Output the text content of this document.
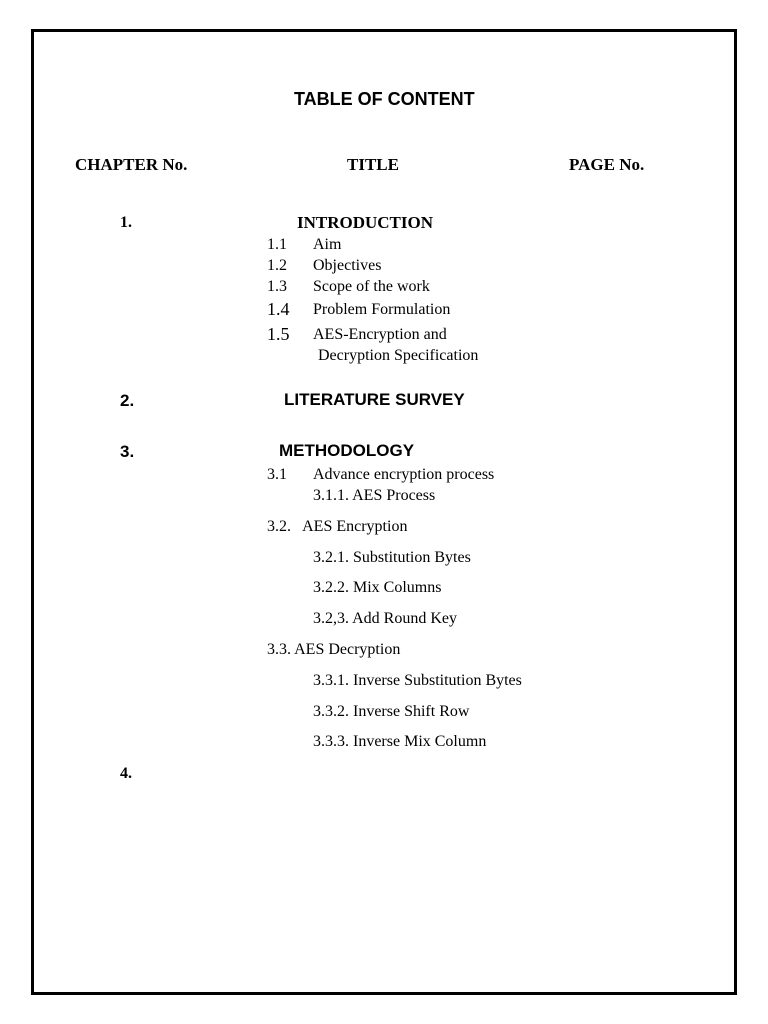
TABLE OF CONTENT
CHAPTER No.	TITLE	PAGE No.
1.	INTRODUCTION
1.1 Aim
1.2 Objectives
1.3 Scope of the work
1.4 Problem Formulation
1.5 AES-Encryption and
Decryption Specification
2.	LITERATURE SURVEY
3.	METHODOLOGY
3.1 Advance encryption process
3.1.1. AES Process
3.2.   AES Encryption
3.2.1. Substitution Bytes
3.2.2. Mix Columns
3.2,3. Add Round Key
3.3. AES Decryption
3.3.1. Inverse Substitution Bytes
3.3.2. Inverse Shift Row
3.3.3. Inverse Mix Column
4.
